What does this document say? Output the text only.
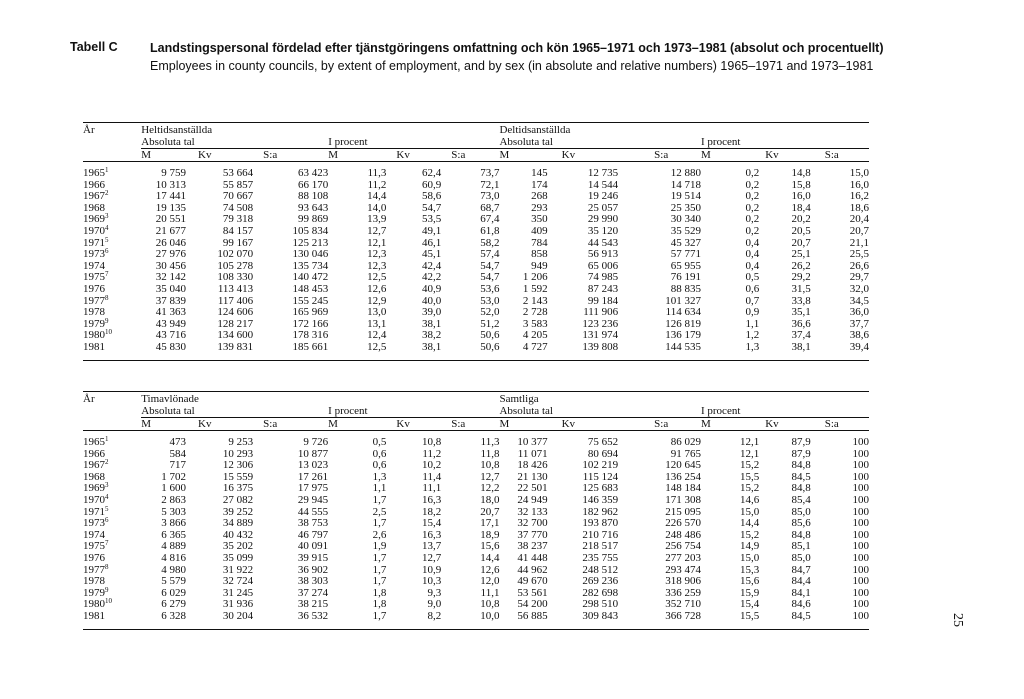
Tabell C	Landstingspersonal fördelad efter tjänstgöringens omfattning och kön 1965–1971 och 1973–1981 (absolut och procentuellt)
Employees in county councils, by extent of employment, and by sex (in absolute and relative numbers) 1965–1971 and 1973–1981
År	Heltidsanställda						Deltidsanställda					
	Absoluta tal			I procent			Absoluta tal			I procent		
	M	Kv	S:a	M	Kv	S:a	M	Kv	S:a	M	Kv	S:a

1965$^1$	9 759	53 664	63 423	11,3	62,4	73,7	145	12 735	12 880	0,2	14,8	15,0
1966	10 313	55 857	66 170	11,2	60,9	72,1	174	14 544	14 718	0,2	15,8	16,0
1967$^2$	17 441	70 667	88 108	14,4	58,6	73,0	268	19 246	19 514	0,2	16,0	16,2
1968	19 135	74 508	93 643	14,0	54,7	68,7	293	25 057	25 350	0,2	18,4	18,6
1969$^3$	20 551	79 318	99 869	13,9	53,5	67,4	350	29 990	30 340	0,2	20,2	20,4
1970$^4$	21 677	84 157	105 834	12,7	49,1	61,8	409	35 120	35 529	0,2	20,5	20,7
1971$^5$	26 046	99 167	125 213	12,1	46,1	58,2	784	44 543	45 327	0,4	20,7	21,1
1973$^6$	27 976	102 070	130 046	12,3	45,1	57,4	858	56 913	57 771	0,4	25,1	25,5
1974	30 456	105 278	135 734	12,3	42,4	54,7	949	65 006	65 955	0,4	26,2	26,6
1975$^7$	32 142	108 330	140 472	12,5	42,2	54,7	1 206	74 985	76 191	0,5	29,2	29,7
1976	35 040	113 413	148 453	12,6	40,9	53,6	1 592	87 243	88 835	0,6	31,5	32,0
1977$^8$	37 839	117 406	155 245	12,9	40,0	53,0	2 143	99 184	101 327	0,7	33,8	34,5
1978	41 363	124 606	165 969	13,0	39,0	52,0	2 728	111 906	114 634	0,9	35,1	36,0
1979$^9$	43 949	128 217	172 166	13,1	38,1	51,2	3 583	123 236	126 819	1,1	36,6	37,7
1980$^{10}$	43 716	134 600	178 316	12,4	38,2	50,6	4 205	131 974	136 179	1,2	37,4	38,6
1981	45 830	139 831	185 661	12,5	38,1	50,6	4 727	139 808	144 535	1,3	38,1	39,4

År	Timavlönade						Samtliga					
	Absoluta tal			I procent			Absoluta tal			I procent		
	M	Kv	S:a	M	Kv	S:a	M	Kv	S:a	M	Kv	S:a

1965$^1$	473	9 253	9 726	0,5	10,8	11,3	10 377	75 652	86 029	12,1	87,9	100
1966	584	10 293	10 877	0,6	11,2	11,8	11 071	80 694	91 765	12,1	87,9	100
1967$^2$	717	12 306	13 023	0,6	10,2	10,8	18 426	102 219	120 645	15,2	84,8	100
1968	1 702	15 559	17 261	1,3	11,4	12,7	21 130	115 124	136 254	15,5	84,5	100
1969$^3$	1 600	16 375	17 975	1,1	11,1	12,2	22 501	125 683	148 184	15,2	84,8	100
1970$^4$	2 863	27 082	29 945	1,7	16,3	18,0	24 949	146 359	171 308	14,6	85,4	100
1971$^5$	5 303	39 252	44 555	2,5	18,2	20,7	32 133	182 962	215 095	15,0	85,0	100
1973$^6$	3 866	34 889	38 753	1,7	15,4	17,1	32 700	193 870	226 570	14,4	85,6	100
1974	6 365	40 432	46 797	2,6	16,3	18,9	37 770	210 716	248 486	15,2	84,8	100
1975$^7$	4 889	35 202	40 091	1,9	13,7	15,6	38 237	218 517	256 754	14,9	85,1	100
1976	4 816	35 099	39 915	1,7	12,7	14,4	41 448	235 755	277 203	15,0	85,0	100
1977$^8$	4 980	31 922	36 902	1,7	10,9	12,6	44 962	248 512	293 474	15,3	84,7	100
1978	5 579	32 724	38 303	1,7	10,3	12,0	49 670	269 236	318 906	15,6	84,4	100
1979$^9$	6 029	31 245	37 274	1,8	9,3	11,1	53 561	282 698	336 259	15,9	84,1	100
1980$^{10}$	6 279	31 936	38 215	1,8	9,0	10,8	54 200	298 510	352 710	15,4	84,6	100
1981	6 328	30 204	36 532	1,7	8,2	10,0	56 885	309 843	366 728	15,5	84,5	100	25
